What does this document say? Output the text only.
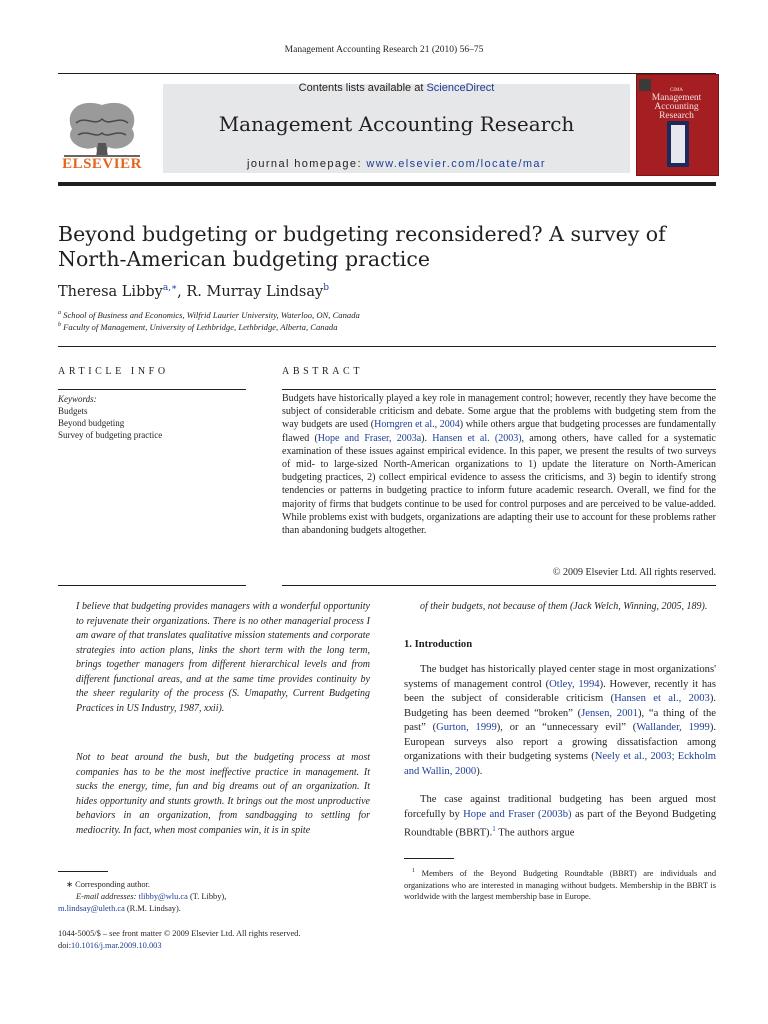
Management Accounting Research 21 (2010) 56–75
ELSEVIER
Contents lists available at ScienceDirect
Management Accounting Research
journal homepage: www.elsevier.com/locate/mar
CIMA
Management Accounting Research
Beyond budgeting or budgeting reconsidered? A survey of North-American budgeting practice
Theresa Libby$^{a,∗}$, R. Murray Lindsay$^b$
$^a$ School of Business and Economics, Wilfrid Laurier University, Waterloo, ON, Canada
$^b$ Faculty of Management, University of Lethbridge, Lethbridge, Alberta, Canada
ARTICLE INFO
Keywords:
Budgets
Beyond budgeting
Survey of budgeting practice
ABSTRACT
Budgets have historically played a key role in management control; however, recently they have become the subject of considerable criticism and debate. Some argue that the problems with budgeting stem from the way budgets are used (Horngren et al., 2004) while others argue that budgeting processes are fundamentally flawed (Hope and Fraser, 2003a). Hansen et al. (2003), among others, have called for a systematic examination of these issues against empirical evidence. In this paper, we present the results of two surveys of mid- to large-sized North-American organizations to 1) update the literature on North-American budgeting practices, 2) collect empirical evidence to assess the criticisms, and 3) begin to identify strong tendencies or patterns in budgeting practice to inform future academic research. Overall, we find for the majority of firms that budgets continue to be used for control purposes and are perceived to be value-added. While problems exist with budgets, organizations are adapting their use to account for these problems rather than abandoning budgets altogether.
© 2009 Elsevier Ltd. All rights reserved.
I believe that budgeting provides managers with a wonderful opportunity to rejuvenate their organizations. There is no other managerial process I am aware of that translates qualitative mission statements and corporate strategies into action plans, links the short term with the long term, brings together managers from different hierarchical levels and from different functional areas, and at the same time provides continuity by the sheer regularity of the process (S. Umapathy, Current Budgeting Practices in US Industry, 1987, xxii).
Not to beat around the bush, but the budgeting process at most companies has to be the most ineffective practice in management. It sucks the energy, time, fun and big dreams out of an organization. It hides opportunity and stunts growth. It brings out the most unproductive behaviors in an organization, from sandbagging to settling for mediocrity. In fact, when most companies win, it is in spite
of their budgets, not because of them (Jack Welch, Winning, 2005, 189).
1. Introduction
The budget has historically played center stage in most organizations' systems of management control (Otley, 1994). However, recently it has been the subject of considerable criticism (Hansen et al., 2003). Budgeting has been deemed “broken” (Jensen, 2001), “a thing of the past” (Gurton, 1999), or an “unnecessary evil” (Wallander, 1999). European surveys also report a growing dissatisfaction among organizations with their budgeting systems (Neely et al., 2003; Eckholm and Wallin, 2000).
The case against traditional budgeting has been argued most forcefully by Hope and Fraser (2003b) as part of the Beyond Budgeting Roundtable (BBRT).$^1$ The authors argue
∗ Corresponding author.
E-mail addresses: tlibby@wlu.ca (T. Libby),
m.lindsay@uleth.ca (R.M. Lindsay).
1044-5005/$ – see front matter © 2009 Elsevier Ltd. All rights reserved.
doi:10.1016/j.mar.2009.10.003
$^1$ Members of the Beyond Budgeting Roundtable (BBRT) are individuals and organizations who are interested in managing without budgets. Membership in the BBRT is worldwide with the largest membership base in Europe.
